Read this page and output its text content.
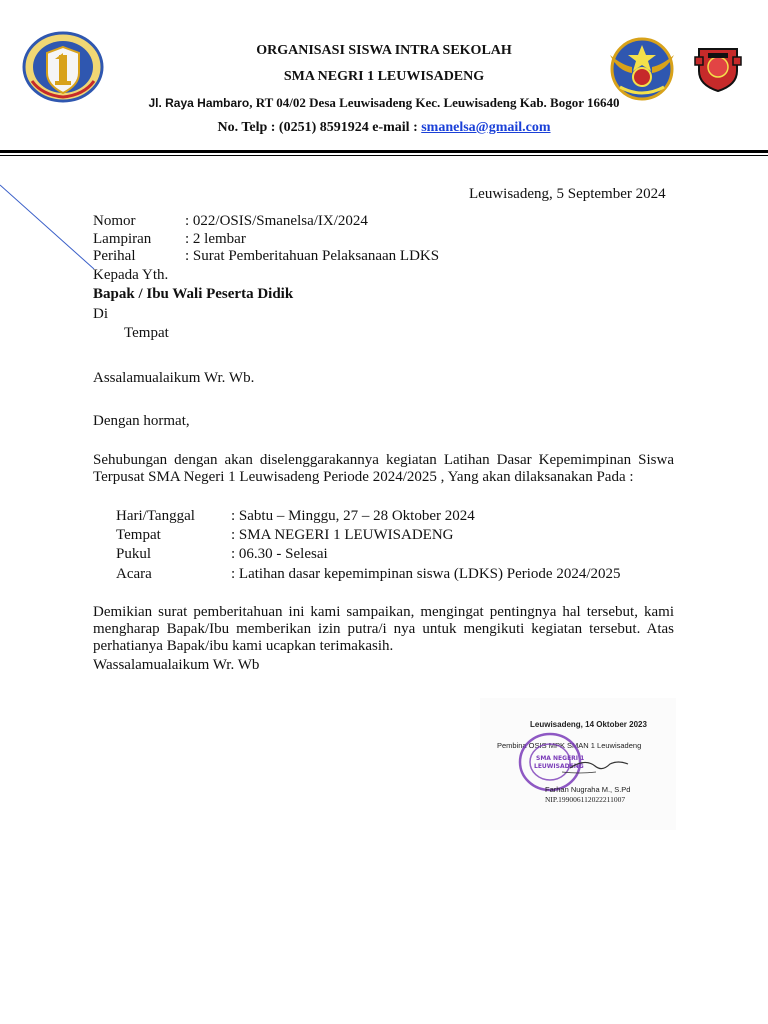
ORGANISASI SISWA INTRA SEKOLAH
SMA NEGRI 1 LEUWISADENG
Jl. Raya Hambaro, RT 04/02 Desa Leuwisadeng Kec. Leuwisadeng Kab. Bogor 16640
No. Telp : (0251) 8591924 e-mail : smanelsa@gmail.com
Leuwisadeng, 5 September 2024
Nomor	: 022/OSIS/Smanelsa/IX/2024
Lampiran : 2 lembar
Perihal	: Surat Pemberitahuan Pelaksanaan LDKS
Kepada Yth.
Bapak / Ibu Wali Peserta Didik
Di
Tempat
Assalamualaikum Wr. Wb.
Dengan hormat,
Sehubungan dengan akan diselenggarakannya kegiatan Latihan Dasar Kepemimpinan Siswa Terpusat SMA Negeri 1 Leuwisadeng Periode 2024/2025 , Yang akan dilaksanakan Pada :
Hari/Tanggal : Sabtu – Minggu, 27 – 28 Oktober 2024
Tempat	: SMA NEGERI 1 LEUWISADENG
Pukul	: 06.30 - Selesai
Acara	: Latihan dasar kepemimpinan siswa (LDKS) Periode 2024/2025
Demikian surat pemberitahuan ini kami sampaikan, mengingat pentingnya hal tersebut, kami mengharap Bapak/Ibu memberikan izin putra/i nya untuk mengikuti kegiatan tersebut. Atas perhatianya Bapak/ibu kami ucapkan terimakasih.
Wassalamualaikum Wr. Wb
Leuwisadeng, 14 Oktober 2023
Pembina OSIS MPK SMAN 1 Leuwisadeng
SMA NEGERI 1
LEUWISADENG
Farhan Nugraha M., S.Pd
NIP.199006112022211007
